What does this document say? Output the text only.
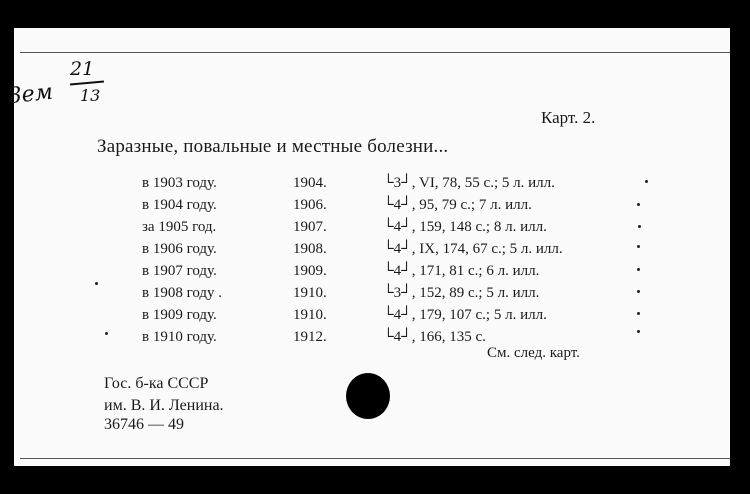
Зем
21
13
Карт. 2.
Заразные, повальные и местные болезни...
в 1903 году.	1904.	└3┘, VI, 78, 55 с.; 5 л. илл.
в 1904 году.	1906.	└4┘, 95, 79 с.; 7 л. илл.
за 1905 год.	1907.	└4┘, 159, 148 с.; 8 л. илл.
в 1906 году.	1908.	└4┘, IX, 174, 67 с.; 5 л. илл.
в 1907 году.	1909.	└4┘, 171, 81 с.; 6 л. илл.
в 1908 году .	1910.	└3┘, 152, 89 с.; 5 л. илл.
в 1909 году.	1910.	└4┘, 179, 107 с.; 5 л. илл.
в 1910 году.	1912.	└4┘, 166, 135 с.
См. след. карт.
Гос. б-ка СССР
им. В. И. Ленина.
36746 — 49
